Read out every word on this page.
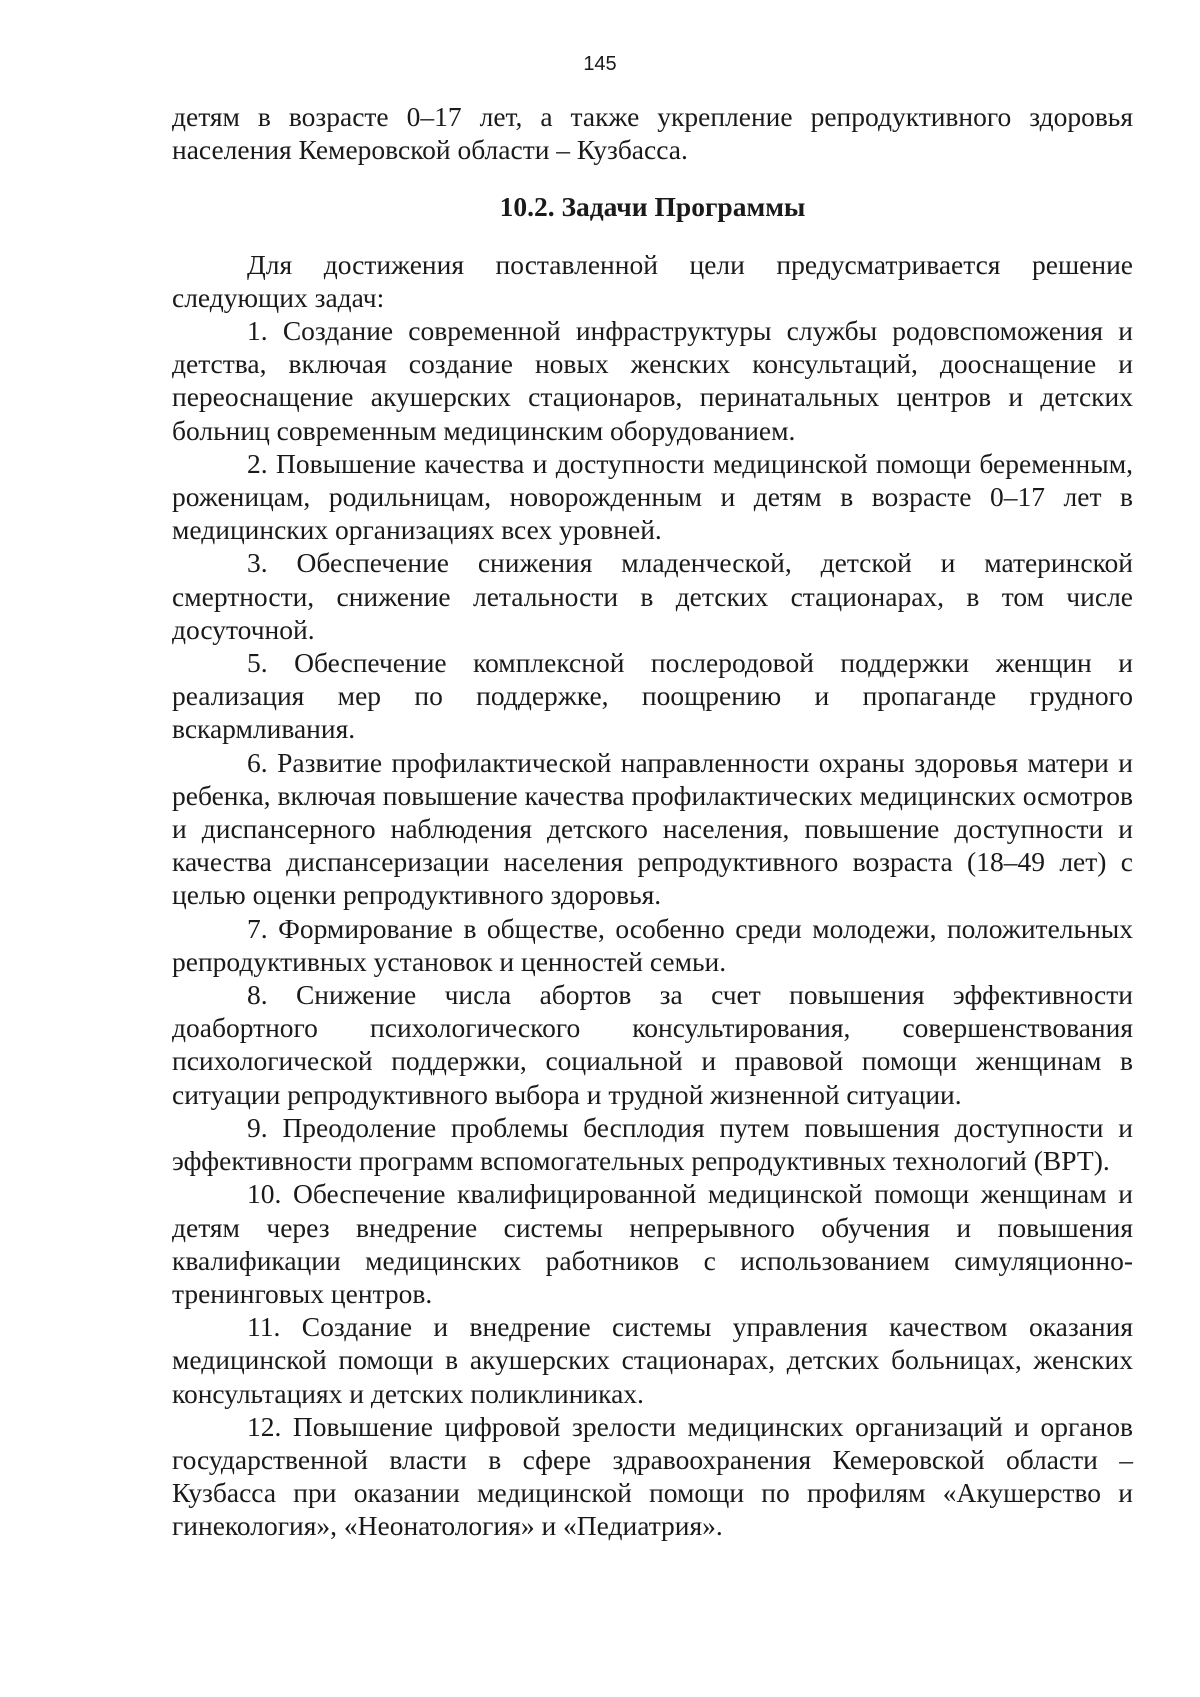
145

детям в возрасте 0–17 лет, а также укрепление репродуктивного здоровья населения Кемеровской области – Кузбасса.

10.2. Задачи Программы

Для достижения поставленной цели предусматривается решение следующих задач:

1. Создание современной инфраструктуры службы родовспоможения и детства, включая создание новых женских консультаций, дооснащение и переоснащение акушерских стационаров, перинатальных центров и детских больниц современным медицинским оборудованием.

2. Повышение качества и доступности медицинской помощи беременным, роженицам, родильницам, новорожденным и детям в возрасте 0–17 лет в медицинских организациях всех уровней.

3. Обеспечение снижения младенческой, детской и материнской смертности, снижение летальности в детских стационарах, в том числе досуточной.

5. Обеспечение комплексной послеродовой поддержки женщин и реализация мер по поддержке, поощрению и пропаганде грудного вскармливания.

6. Развитие профилактической направленности охраны здоровья матери и ребенка, включая повышение качества профилактических медицинских осмотров и диспансерного наблюдения детского населения, повышение доступности и качества диспансеризации населения репродуктивного возраста (18–49 лет) с целью оценки репродуктивного здоровья.

7. Формирование в обществе, особенно среди молодежи, положительных репродуктивных установок и ценностей семьи.

8. Снижение числа абортов за счет повышения эффективности доабортного психологического консультирования, совершенствования психологической поддержки, социальной и правовой помощи женщинам в ситуации репродуктивного выбора и трудной жизненной ситуации.

9. Преодоление проблемы бесплодия путем повышения доступности и эффективности программ вспомогательных репродуктивных технологий (ВРТ).

10. Обеспечение квалифицированной медицинской помощи женщинам и детям через внедрение системы непрерывного обучения и повышения квалификации медицинских работников с использованием симуляционно-тренинговых центров.

11. Создание и внедрение системы управления качеством оказания медицинской помощи в акушерских стационарах, детских больницах, женских консультациях и детских поликлиниках.

12. Повышение цифровой зрелости медицинских организаций и органов государственной власти в сфере здравоохранения Кемеровской области – Кузбасса при оказании медицинской помощи по профилям «Акушерство и гинекология», «Неонатология» и «Педиатрия».
